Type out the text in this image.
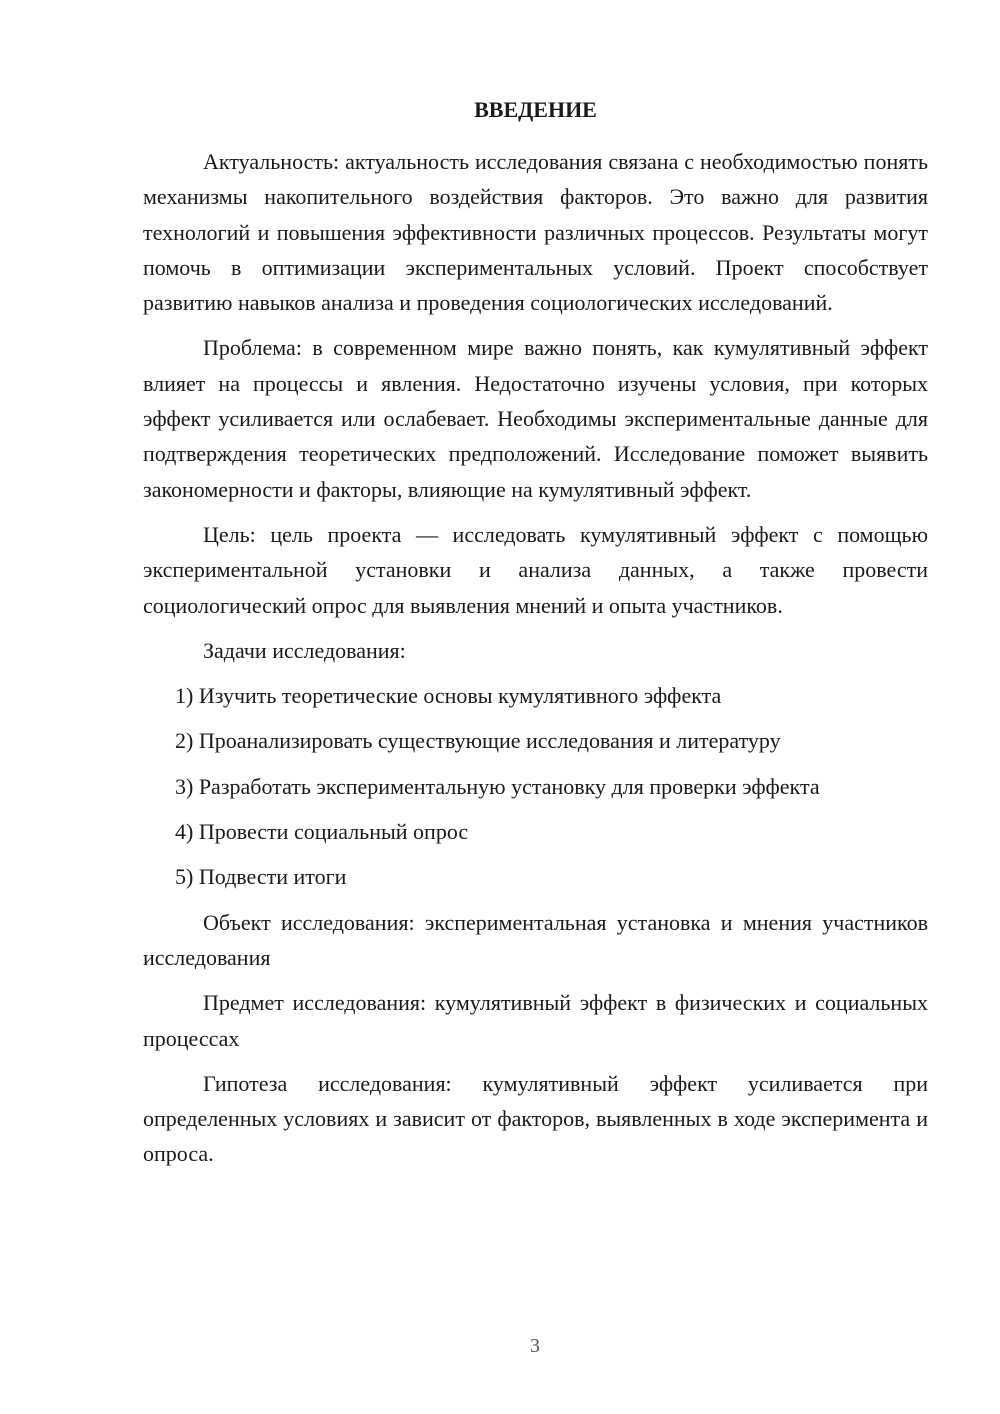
ВВЕДЕНИЕ

Актуальность: актуальность исследования связана с необходимостью понять механизмы накопительного воздействия факторов. Это важно для развития технологий и повышения эффективности различных процессов. Результаты могут помочь в оптимизации экспериментальных условий. Проект способствует развитию навыков анализа и проведения социологических исследований.

Проблема: в современном мире важно понять, как кумулятивный эффект влияет на процессы и явления. Недостаточно изучены условия, при которых эффект усиливается или ослабевает. Необходимы экспериментальные данные для подтверждения теоретических предположений. Исследование поможет выявить закономерности и факторы, влияющие на кумулятивный эффект.

Цель: цель проекта — исследовать кумулятивный эффект с помощью экспериментальной установки и анализа данных, а также провести социологический опрос для выявления мнений и опыта участников.

Задачи исследования:
1) Изучить теоретические основы кумулятивного эффекта
2) Проанализировать существующие исследования и литературу
3) Разработать экспериментальную установку для проверки эффекта
4) Провести социальный опрос
5) Подвести итоги

Объект исследования: экспериментальная установка и мнения участников исследования

Предмет исследования: кумулятивный эффект в физических и социальных процессах

Гипотеза исследования: кумулятивный эффект усиливается при определенных условиях и зависит от факторов, выявленных в ходе эксперимента и опроса.

3
